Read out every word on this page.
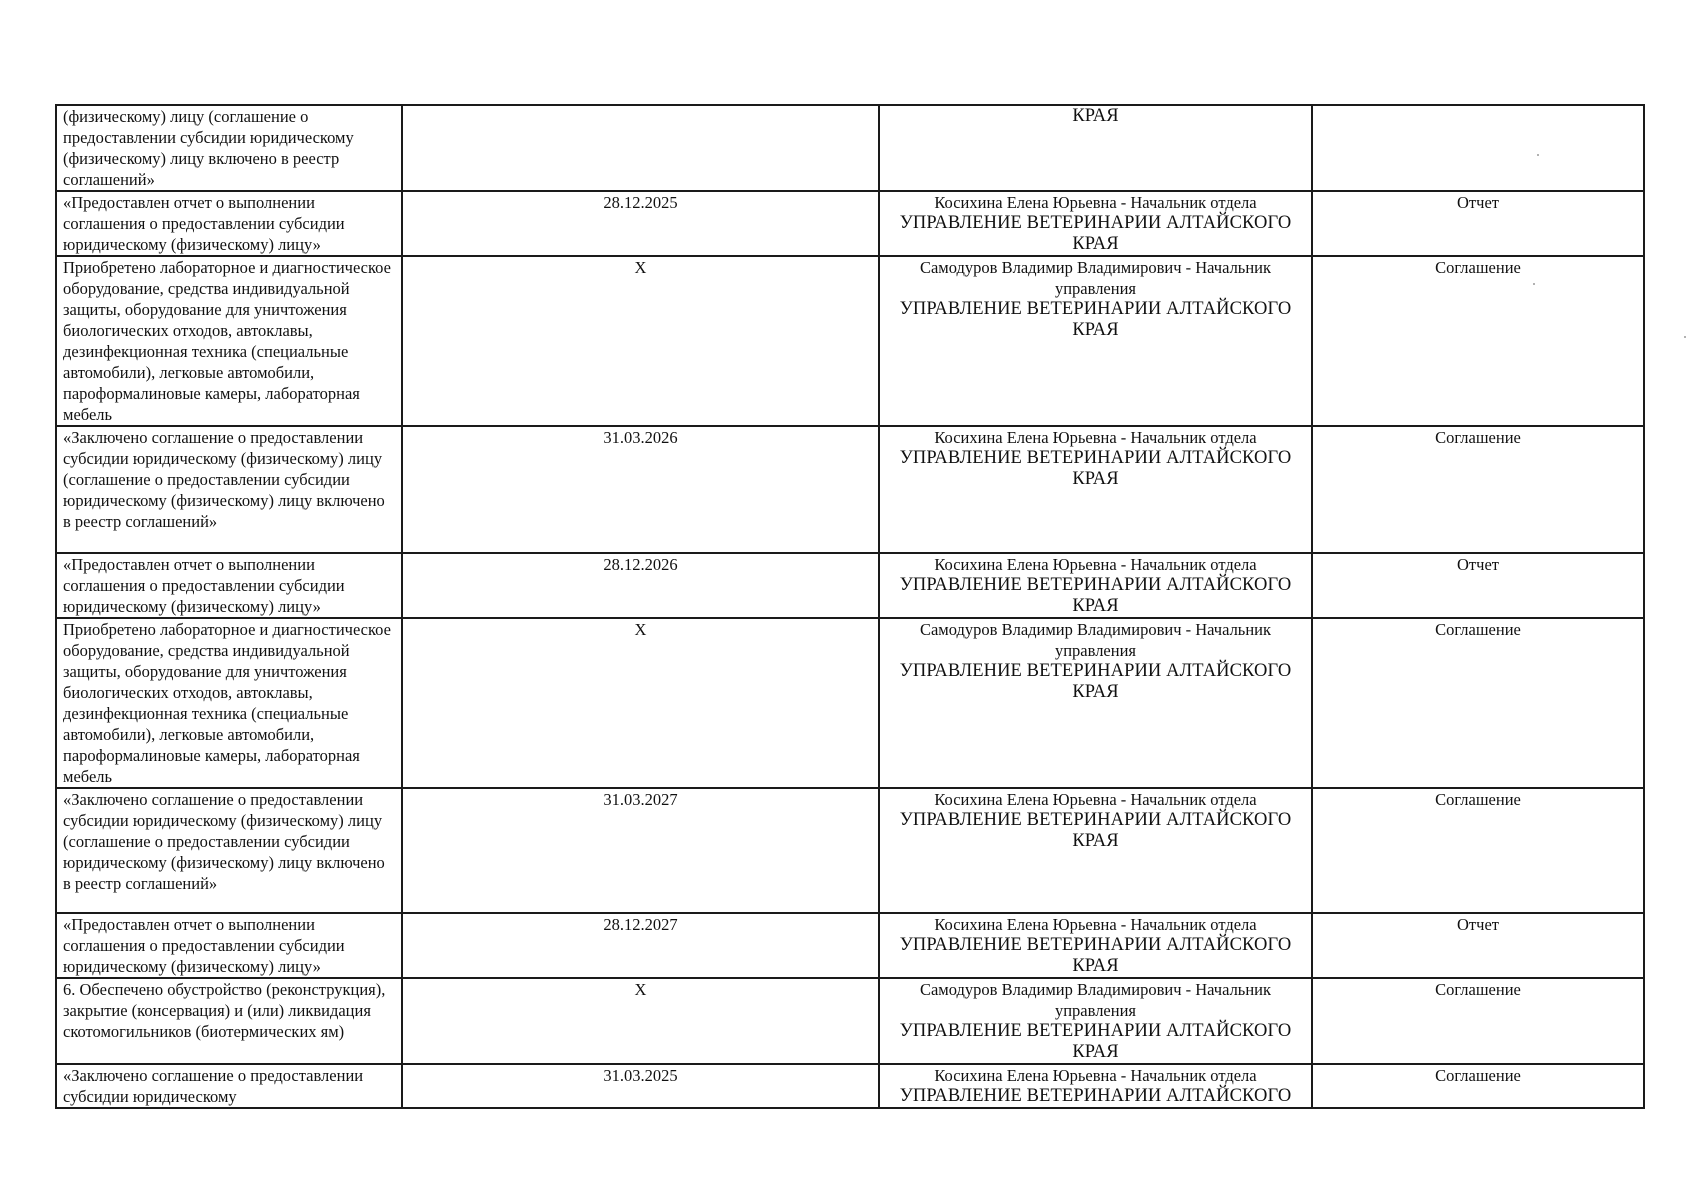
(физическому) лицу (соглашение о предоставлении субсидии юридическому (физическому) лицу включено в реестр соглашений»		КРАЯ	

«Предоставлен отчет о выполнении соглашения о предоставлении субсидии юридическому (физическому) лицу»	28.12.2025	Косихина Елена Юрьевна - Начальник отдела
УПРАВЛЕНИЕ ВЕТЕРИНАРИИ АЛТАЙСКОГО КРАЯ	Отчет
Приобретено лабораторное и диагностическое оборудование, средства индивидуальной защиты, оборудование для уничтожения биологических отходов, автоклавы, дезинфекционная техника (специальные автомобили), легковые автомобили, пароформалиновые камеры, лабораторная мебель	X	Самодуров Владимир Владимирович - Начальник управления
УПРАВЛЕНИЕ ВЕТЕРИНАРИИ АЛТАЙСКОГО КРАЯ	Соглашение
«Заключено соглашение о предоставлении субсидии юридическому (физическому) лицу (соглашение о предоставлении субсидии юридическому (физическому) лицу включено в реестр соглашений»	31.03.2026	Косихина Елена Юрьевна - Начальник отдела
УПРАВЛЕНИЕ ВЕТЕРИНАРИИ АЛТАЙСКОГО КРАЯ	Соглашение
«Предоставлен отчет о выполнении соглашения о предоставлении субсидии юридическому (физическому) лицу»	28.12.2026	Косихина Елена Юрьевна - Начальник отдела
УПРАВЛЕНИЕ ВЕТЕРИНАРИИ АЛТАЙСКОГО КРАЯ	Отчет
Приобретено лабораторное и диагностическое оборудование, средства индивидуальной защиты, оборудование для уничтожения биологических отходов, автоклавы, дезинфекционная техника (специальные автомобили), легковые автомобили, пароформалиновые камеры, лабораторная мебель	X	Самодуров Владимир Владимирович - Начальник управления
УПРАВЛЕНИЕ ВЕТЕРИНАРИИ АЛТАЙСКОГО КРАЯ	Соглашение
«Заключено соглашение о предоставлении субсидии юридическому (физическому) лицу (соглашение о предоставлении субсидии юридическому (физическому) лицу включено в реестр соглашений»	31.03.2027	Косихина Елена Юрьевна - Начальник отдела
УПРАВЛЕНИЕ ВЕТЕРИНАРИИ АЛТАЙСКОГО КРАЯ	Соглашение
«Предоставлен отчет о выполнении соглашения о предоставлении субсидии юридическому (физическому) лицу»	28.12.2027	Косихина Елена Юрьевна - Начальник отдела
УПРАВЛЕНИЕ ВЕТЕРИНАРИИ АЛТАЙСКОГО КРАЯ	Отчет
6. Обеспечено обустройство (реконструкция), закрытие (консервация) и (или) ликвидация скотомогильников (биотермических ям)	X	Самодуров Владимир Владимирович - Начальник управления
УПРАВЛЕНИЕ ВЕТЕРИНАРИИ АЛТАЙСКОГО КРАЯ	Соглашение
«Заключено соглашение о предоставлении субсидии юридическому	31.03.2025	Косихина Елена Юрьевна - Начальник отдела
УПРАВЛЕНИЕ ВЕТЕРИНАРИИ АЛТАЙСКОГО	Соглашение
